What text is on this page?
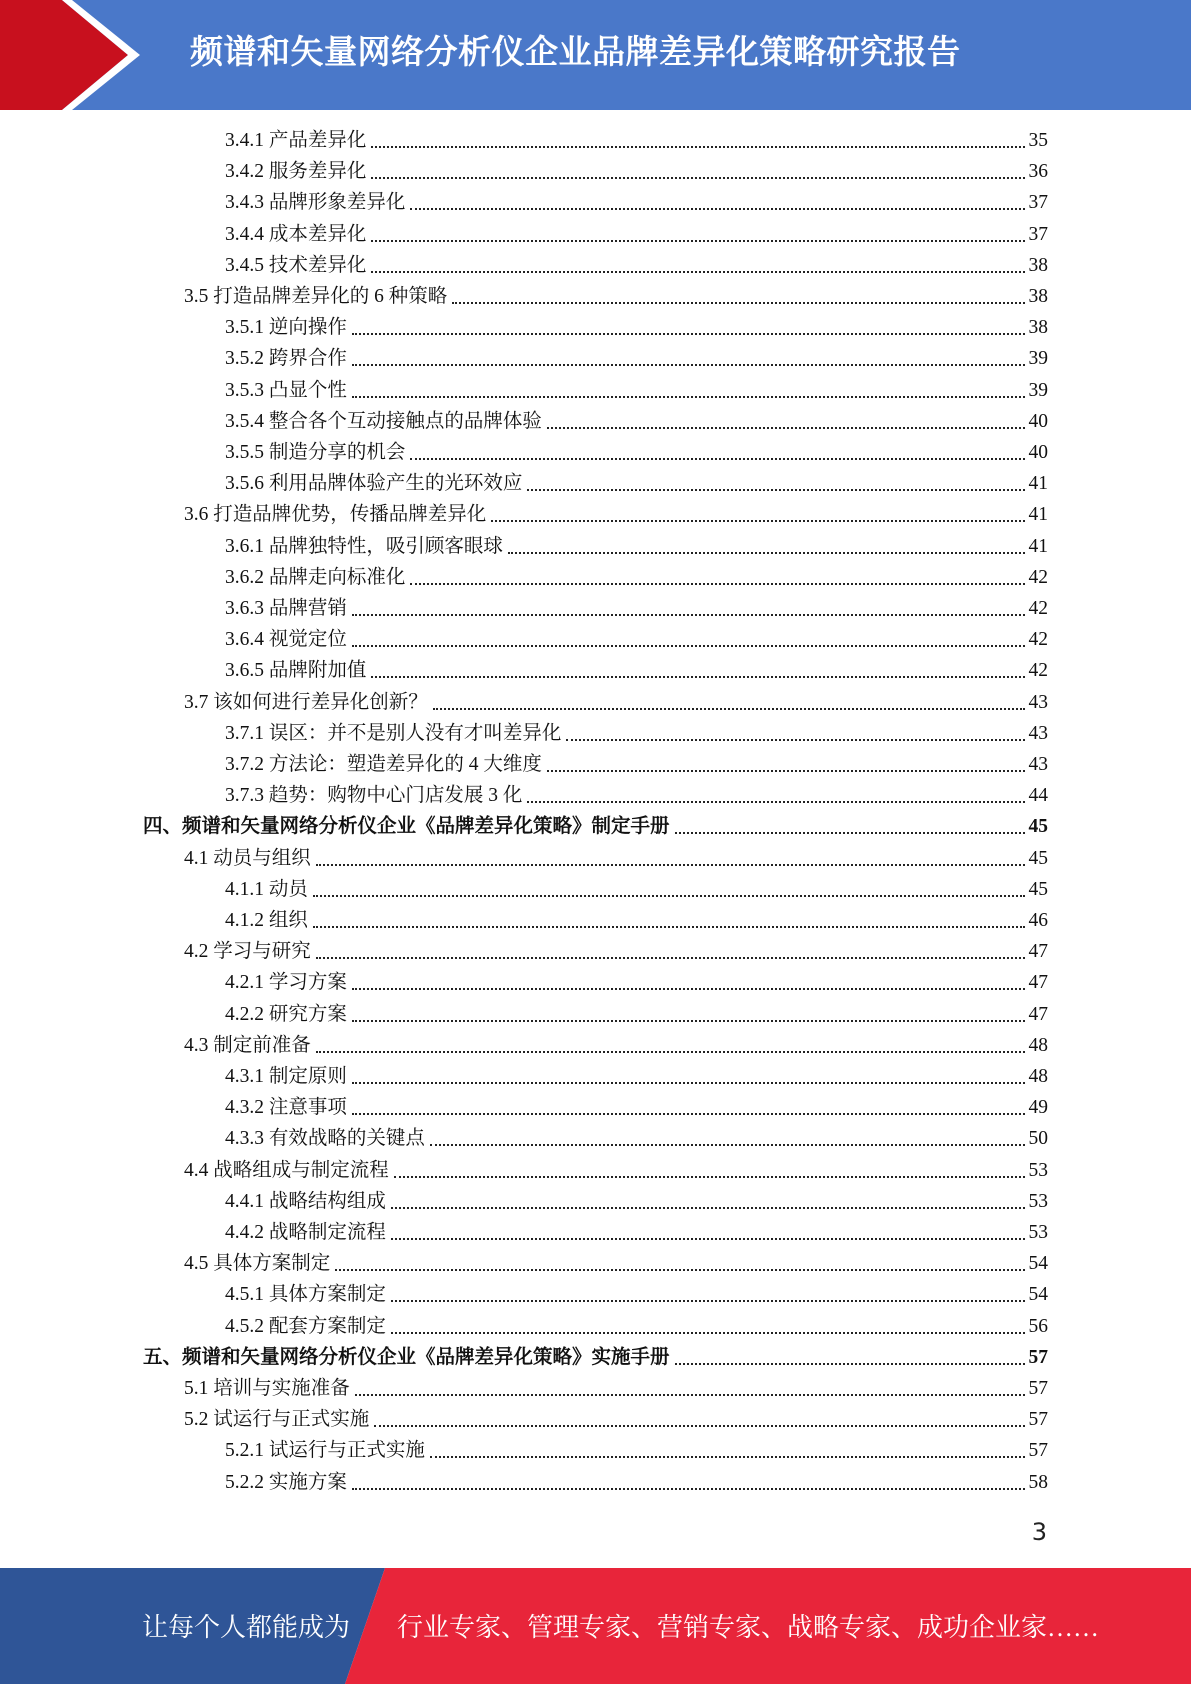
频谱和矢量网络分析仪企业品牌差异化策略研究报告
3.4.1 产品差异化	35
3.4.2 服务差异化	36
3.4.3 品牌形象差异化	37
3.4.4 成本差异化	37
3.4.5 技术差异化	38
3.5 打造品牌差异化的 6 种策略	38
3.5.1 逆向操作	38
3.5.2 跨界合作	39
3.5.3 凸显个性	39
3.5.4 整合各个互动接触点的品牌体验	40
3.5.5 制造分享的机会	40
3.5.6 利用品牌体验产生的光环效应	41
3.6 打造品牌优势，传播品牌差异化	41
3.6.1 品牌独特性，吸引顾客眼球	41
3.6.2 品牌走向标准化	42
3.6.3 品牌营销	42
3.6.4 视觉定位	42
3.6.5 品牌附加值	42
3.7 该如何进行差异化创新？	43
3.7.1 误区：并不是别人没有才叫差异化	43
3.7.2 方法论：塑造差异化的 4 大维度	43
3.7.3 趋势：购物中心门店发展 3 化	44
四、频谱和矢量网络分析仪企业《品牌差异化策略》制定手册	45
4.1 动员与组织	45
4.1.1 动员	45
4.1.2 组织	46
4.2 学习与研究	47
4.2.1 学习方案	47
4.2.2 研究方案	47
4.3 制定前准备	48
4.3.1 制定原则	48
4.3.2 注意事项	49
4.3.3 有效战略的关键点	50
4.4 战略组成与制定流程	53
4.4.1 战略结构组成	53
4.4.2 战略制定流程	53
4.5 具体方案制定	54
4.5.1 具体方案制定	54
4.5.2 配套方案制定	56
五、频谱和矢量网络分析仪企业《品牌差异化策略》实施手册	57
5.1 培训与实施准备	57
5.2 试运行与正式实施	57
5.2.1 试运行与正式实施	57
5.2.2 实施方案	58
3
让每个人都能成为 行业专家、管理专家、营销专家、战略专家、成功企业家……
